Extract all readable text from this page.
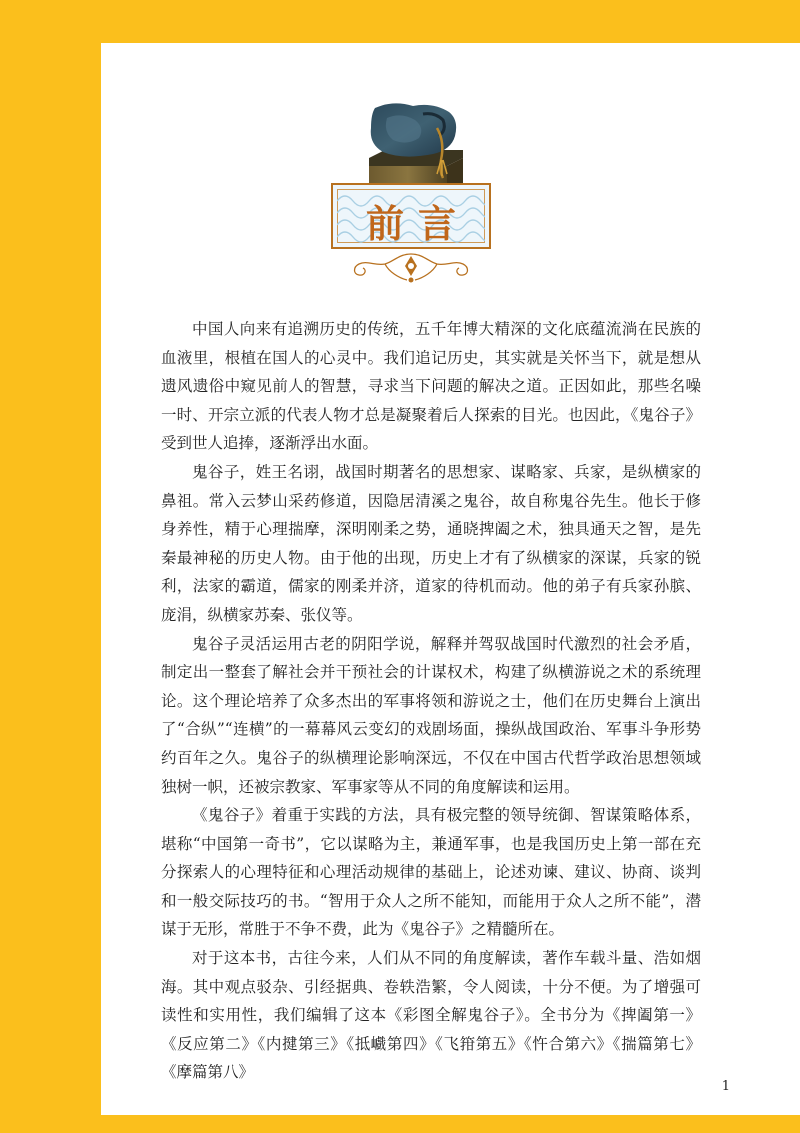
前言

中国人向来有追溯历史的传统，五千年博大精深的文化底蕴流淌在民族的血液里，根植在国人的心灵中。我们追记历史，其实就是关怀当下，就是想从遗风遗俗中窥见前人的智慧，寻求当下问题的解决之道。正因如此，那些名噪一时、开宗立派的代表人物才总是凝聚着后人探索的目光。也因此，《鬼谷子》受到世人追捧，逐渐浮出水面。

鬼谷子，姓王名诩，战国时期著名的思想家、谋略家、兵家，是纵横家的鼻祖。常入云梦山采药修道，因隐居清溪之鬼谷，故自称鬼谷先生。他长于修身养性，精于心理揣摩，深明刚柔之势，通晓捭阖之术，独具通天之智，是先秦最神秘的历史人物。由于他的出现，历史上才有了纵横家的深谋，兵家的锐利，法家的霸道，儒家的刚柔并济，道家的待机而动。他的弟子有兵家孙膑、庞涓，纵横家苏秦、张仪等。

鬼谷子灵活运用古老的阴阳学说，解释并驾驭战国时代激烈的社会矛盾，制定出一整套了解社会并干预社会的计谋权术，构建了纵横游说之术的系统理论。这个理论培养了众多杰出的军事将领和游说之士，他们在历史舞台上演出了“合纵”“连横”的一幕幕风云变幻的戏剧场面，操纵战国政治、军事斗争形势约百年之久。鬼谷子的纵横理论影响深远，不仅在中国古代哲学政治思想领域独树一帜，还被宗教家、军事家等从不同的角度解读和运用。

《鬼谷子》着重于实践的方法，具有极完整的领导统御、智谋策略体系，堪称“中国第一奇书”，它以谋略为主，兼通军事，也是我国历史上第一部在充分探索人的心理特征和心理活动规律的基础上，论述劝谏、建议、协商、谈判和一般交际技巧的书。“智用于众人之所不能知，而能用于众人之所不能”，潜谋于无形，常胜于不争不费，此为《鬼谷子》之精髓所在。

对于这本书，古往今来，人们从不同的角度解读，著作车载斗量、浩如烟海。其中观点驳杂、引经据典、卷轶浩繁，令人阅读，十分不便。为了增强可读性和实用性，我们编辑了这本《彩图全解鬼谷子》。全书分为《捭阖第一》《反应第二》《内揵第三》《抵巇第四》《飞箝第五》《忤合第六》《揣篇第七》《摩篇第八》

1
